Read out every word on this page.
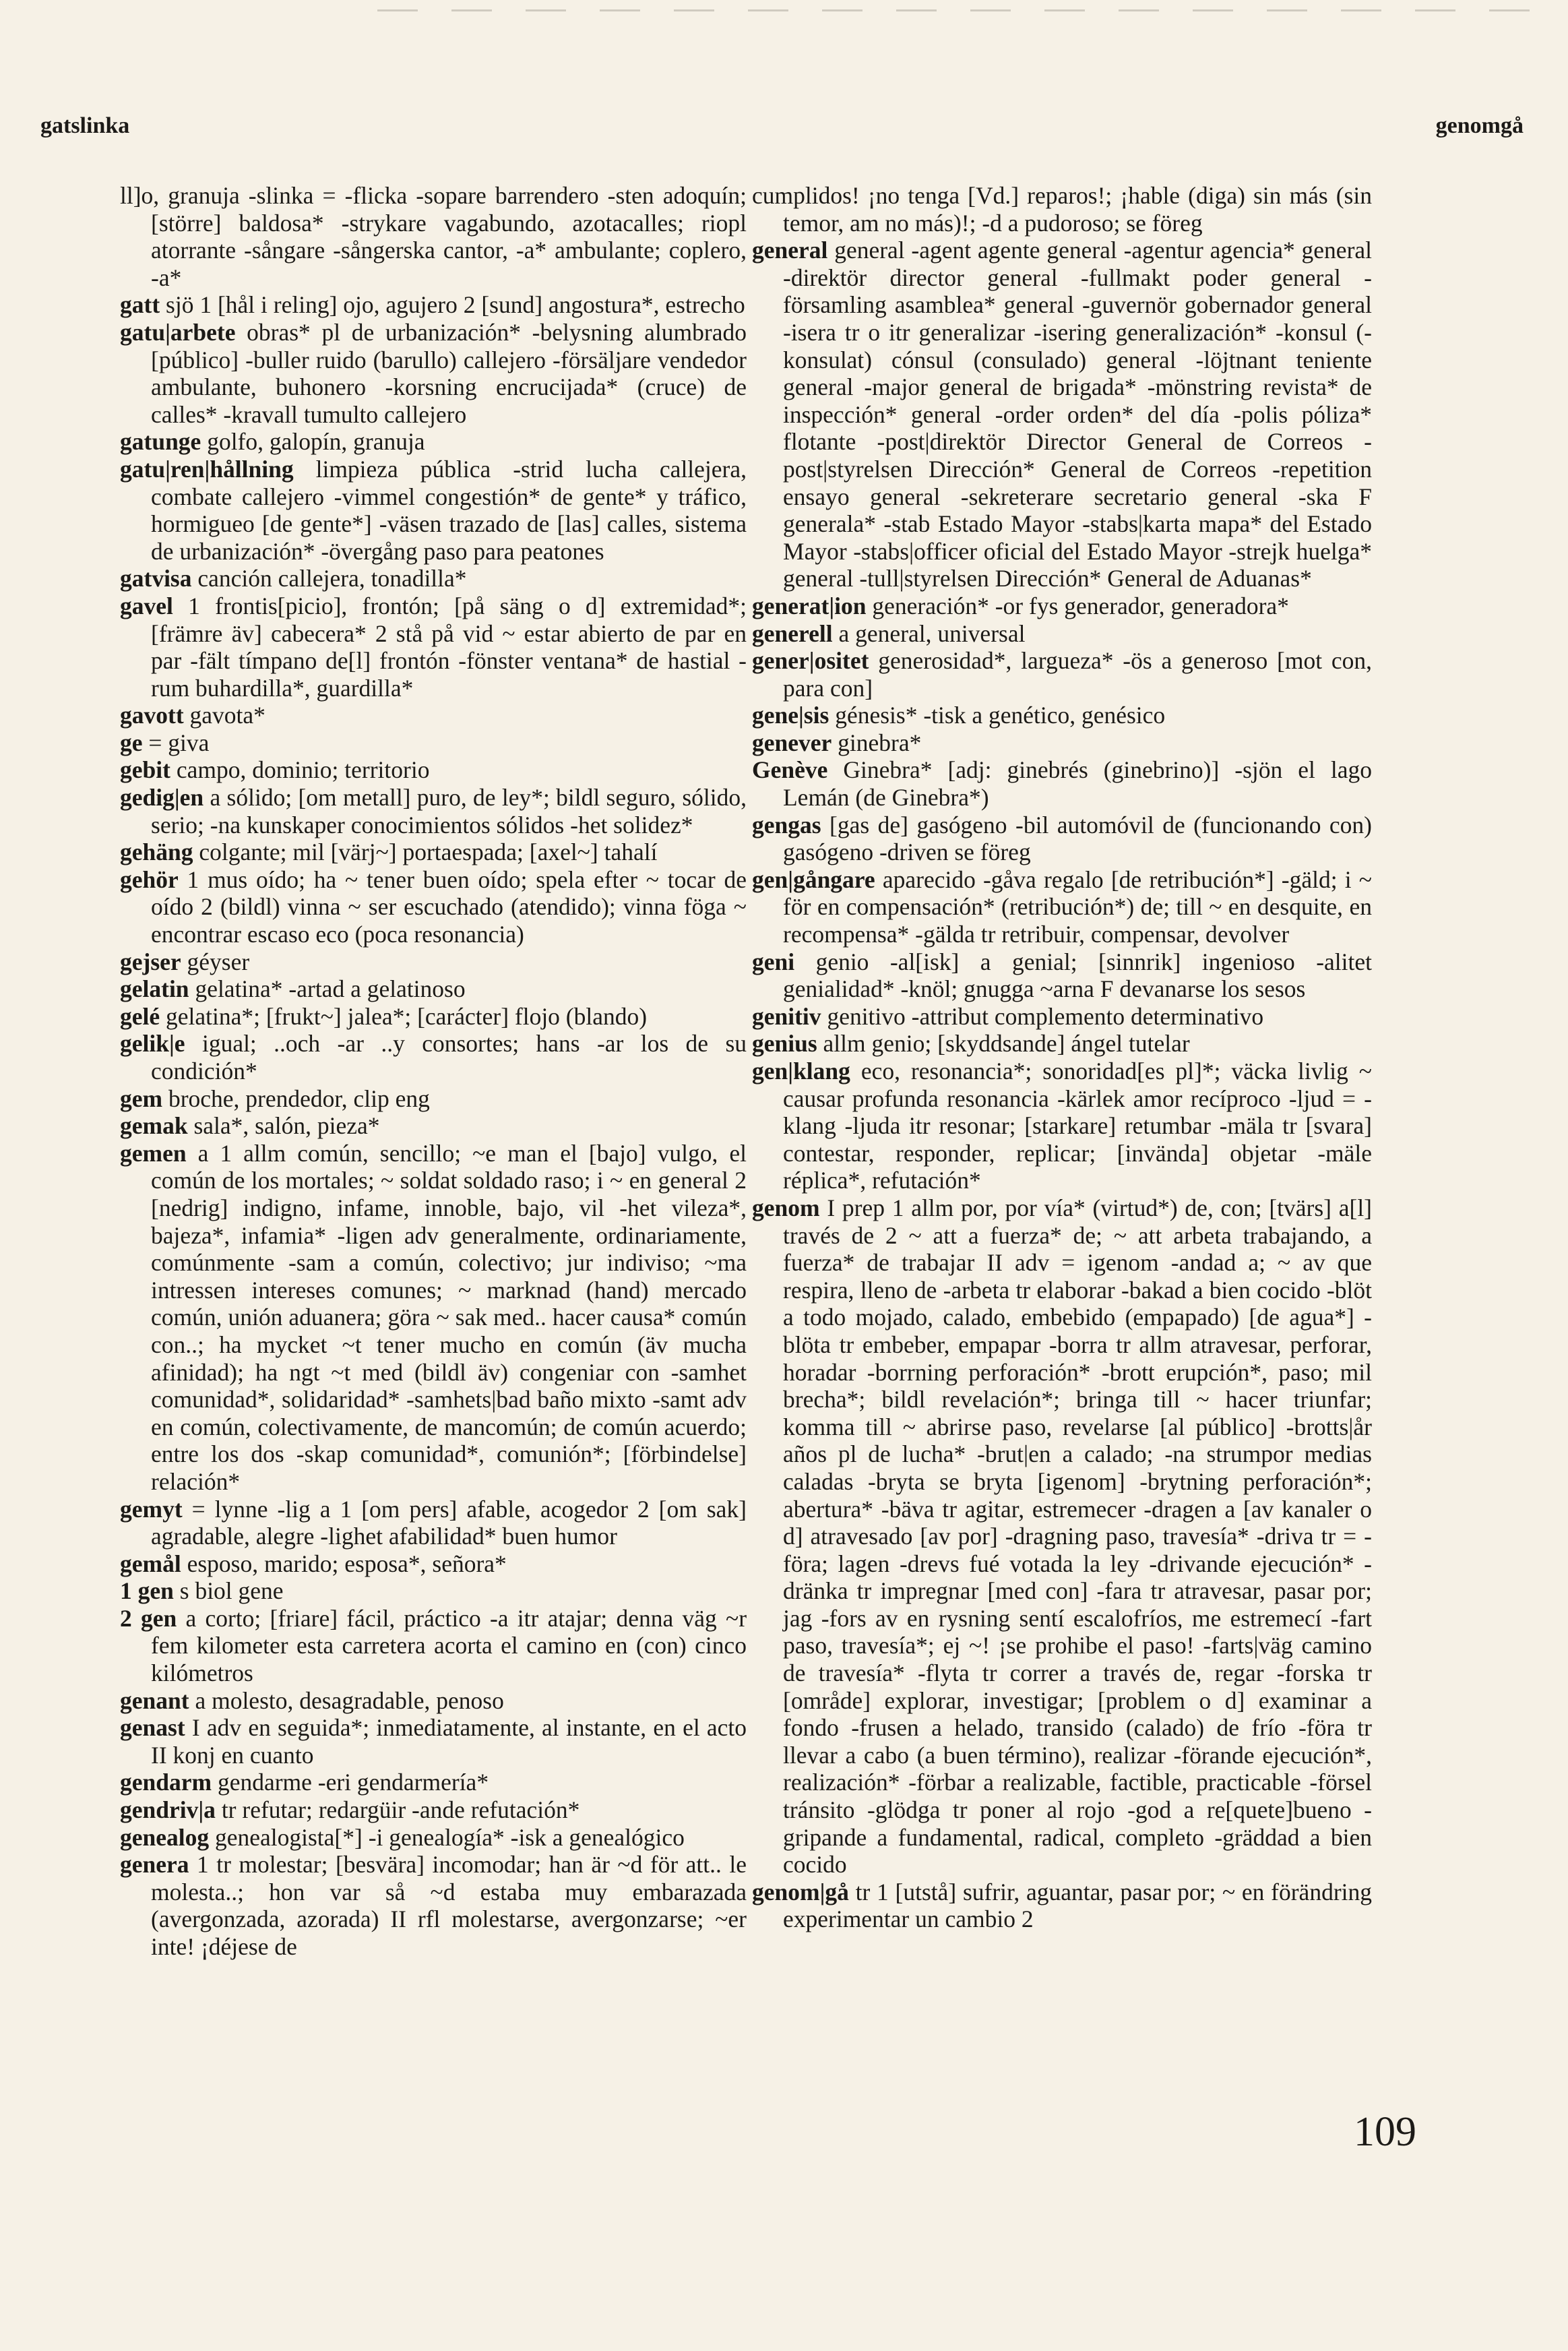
gatslinka	genomgå

ll]o, granuja -slinka = -flicka -sopare barrendero -sten adoquín; [större] baldosa* -strykare vagabundo, azotacalles; riopl atorrante -sångare -sångerska cantor, -a* ambulante; coplero, -a*

gatt sjö 1 [hål i reling] ojo, agujero 2 [sund] angostura*, estrecho

gatu|arbete obras* pl de urbanización* -belysning alumbrado [público] -buller ruido (barullo) callejero -försäljare vendedor ambulante, buhonero -korsning encrucijada* (cruce) de calles* -kravall tumulto callejero

gatunge golfo, galopín, granuja

gatu|ren|hållning limpieza pública -strid lucha callejera, combate callejero -vimmel congestión* de gente* y tráfico, hormigueo [de gente*] -väsen trazado de [las] calles, sistema de urbanización* -övergång paso para peatones

gatvisa canción callejera, tonadilla*

gavel 1 frontis[picio], frontón; [på säng o d] extremidad*; [främre äv] cabecera* 2 stå på vid ~ estar abierto de par en par -fält tímpano de[l] frontón -fönster ventana* de hastial -rum buhardilla*, guardilla*

gavott gavota*

ge = giva

gebit campo, dominio; territorio

gedig|en a sólido; [om metall] puro, de ley*; bildl seguro, sólido, serio; -na kunskaper conocimientos sólidos -het solidez*

gehäng colgante; mil [värj~] portaespada; [axel~] tahalí

gehör 1 mus oído; ha ~ tener buen oído; spela efter ~ tocar de oído 2 (bildl) vinna ~ ser escuchado (atendido); vinna föga ~ encontrar escaso eco (poca resonancia)

gejser géyser

gelatin gelatina* -artad a gelatinoso

gelé gelatina*; [frukt~] jalea*; [carácter] flojo (blando)

gelik|e igual; ..och -ar ..y consortes; hans -ar los de su condición*

gem broche, prendedor, clip eng

gemak sala*, salón, pieza*

gemen a 1 allm común, sencillo; ~e man el [bajo] vulgo, el común de los mortales; ~ soldat soldado raso; i ~ en general 2 [nedrig] indigno, infame, innoble, bajo, vil -het vileza*, bajeza*, infamia* -ligen adv generalmente, ordinariamente, comúnmente -sam a común, colectivo; jur indiviso; ~ma intressen intereses comunes; ~ marknad (hand) mercado común, unión aduanera; göra ~ sak med.. hacer causa* común con..; ha mycket ~t tener mucho en común (äv mucha afinidad); ha ngt ~t med (bildl äv) congeniar con -samhet comunidad*, solidaridad* -samhets|bad baño mixto -samt adv en común, colectivamente, de mancomún; de común acuerdo; entre los dos -skap comunidad*, comunión*; [förbindelse] relación*

gemyt = lynne -lig a 1 [om pers] afable, acogedor 2 [om sak] agradable, alegre -lighet afabilidad* buen humor

gemål esposo, marido; esposa*, señora*

1 gen s biol gene

2 gen a corto; [friare] fácil, práctico -a itr atajar; denna väg ~r fem kilometer esta carretera acorta el camino en (con) cinco kilómetros

genant a molesto, desagradable, penoso

genast I adv en seguida*; inmediatamente, al instante, en el acto II konj en cuanto

gendarm gendarme -eri gendarmería*

gendriv|a tr refutar; redargüir -ande refutación*

genealog genealogista[*] -i genealogía* -isk a genealógico

genera 1 tr molestar; [besvära] incomodar; han är ~d för att.. le molesta..; hon var så ~d estaba muy embarazada (avergonzada, azorada) II rfl molestarse, avergonzarse; ~er inte! ¡déjese de

cumplidos! ¡no tenga [Vd.] reparos!; ¡hable (diga) sin más (sin temor, am no más)!; -d a pudoroso; se föreg

general general -agent agente general -agentur agencia* general -direktör director general -fullmakt poder general -församling asamblea* general -guvernör gobernador general -isera tr o itr generalizar -isering generalización* -konsul (-konsulat) cónsul (consulado) general -löjtnant teniente general -major general de brigada* -mönstring revista* de inspección* general -order orden* del día -polis póliza* flotante -post|direktör Director General de Correos -post|styrelsen Dirección* General de Correos -repetition ensayo general -sekreterare secretario general -ska F generala* -stab Estado Mayor -stabs|karta mapa* del Estado Mayor -stabs|officer oficial del Estado Mayor -strejk huelga* general -tull|styrelsen Dirección* General de Aduanas*

generat|ion generación* -or fys generador, generadora*

generell a general, universal

gener|ositet generosidad*, largueza* -ös a generoso [mot con, para con]

gene|sis génesis* -tisk a genético, genésico

genever ginebra*

Genève Ginebra* [adj: ginebrés (ginebrino)] -sjön el lago Lemán (de Ginebra*)

gengas [gas de] gasógeno -bil automóvil de (funcionando con) gasógeno -driven se föreg

gen|gångare aparecido -gåva regalo [de retribución*] -gäld; i ~ för en compensación* (retribución*) de; till ~ en desquite, en recompensa* -gälda tr retribuir, compensar, devolver

geni genio -al[isk] a genial; [sinnrik] ingenioso -alitet genialidad* -knöl; gnugga ~arna F devanarse los sesos

genitiv genitivo -attribut complemento determinativo

genius allm genio; [skyddsande] ángel tutelar

gen|klang eco, resonancia*; sonoridad[es pl]*; väcka livlig ~ causar profunda resonancia -kärlek amor recíproco -ljud = -klang -ljuda itr resonar; [starkare] retumbar -mäla tr [svara] contestar, responder, replicar; [invända] objetar -mäle réplica*, refutación*

genom I prep 1 allm por, por vía* (virtud*) de, con; [tvärs] a[l] través de 2 ~ att a fuerza* de; ~ att arbeta trabajando, a fuerza* de trabajar II adv = igenom -andad a; ~ av que respira, lleno de -arbeta tr elaborar -bakad a bien cocido -blöt a todo mojado, calado, embebido (empapado) [de agua*] -blöta tr embeber, empapar -borra tr allm atravesar, perforar, horadar -borrning perforación* -brott erupción*, paso; mil brecha*; bildl revelación*; bringa till ~ hacer triunfar; komma till ~ abrirse paso, revelarse [al público] -brotts|år años pl de lucha* -brut|en a calado; -na strumpor medias caladas -bryta se bryta [igenom] -brytning perforación*; abertura* -bäva tr agitar, estremecer -dragen a [av kanaler o d] atravesado [av por] -dragning paso, travesía* -driva tr = -föra; lagen -drevs fué votada la ley -drivande ejecución* -dränka tr impregnar [med con] -fara tr atravesar, pasar por; jag -fors av en rysning sentí escalofríos, me estremecí -fart paso, travesía*; ej ~! ¡se prohibe el paso! -farts|väg camino de travesía* -flyta tr correr a través de, regar -forska tr [område] explorar, investigar; [problem o d] examinar a fondo -frusen a helado, transido (calado) de frío -föra tr llevar a cabo (a buen término), realizar -förande ejecución*, realización* -förbar a realizable, factible, practicable -försel tránsito -glödga tr poner al rojo -god a re[quete]bueno -gripande a fundamental, radical, completo -gräddad a bien cocido

genom|gå tr 1 [utstå] sufrir, aguantar, pasar por; ~ en förändring experimentar un cambio 2

109
